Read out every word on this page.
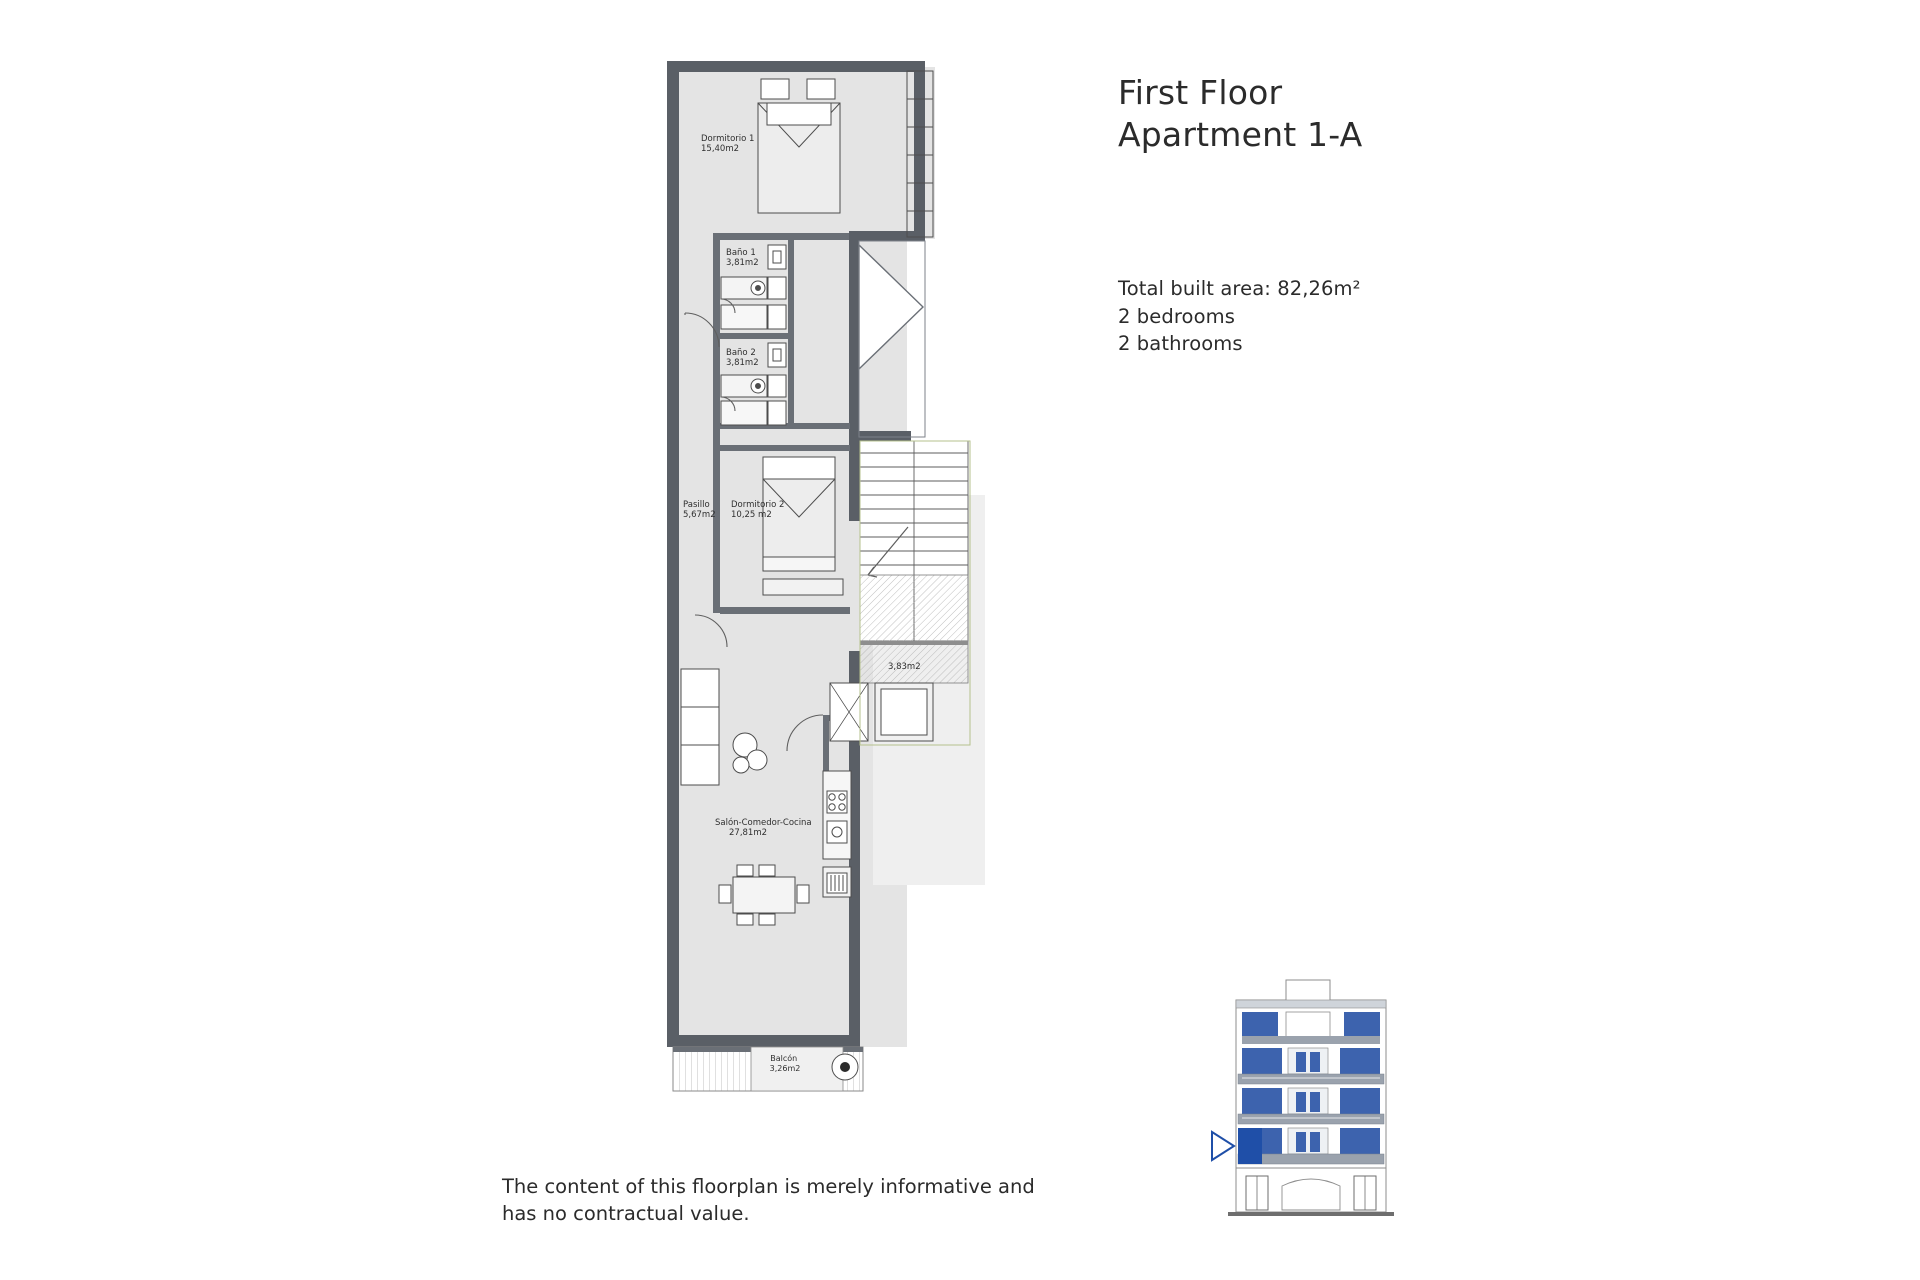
First Floor
Apartment 1-A
Total built area: 82,26m²
2 bedrooms
2 bathrooms
The content of this floorplan is merely informative and
has no contractual value.
Dormitorio 1 15,40m2
Baño 1 3,81m2
Baño 2 3,81m2
Pasillo 5,67m2
Dormitorio 2 10,25 m2
3,83m2
Salón-Comedor-Cocina 27,81m2
Balcón 3,26m2
